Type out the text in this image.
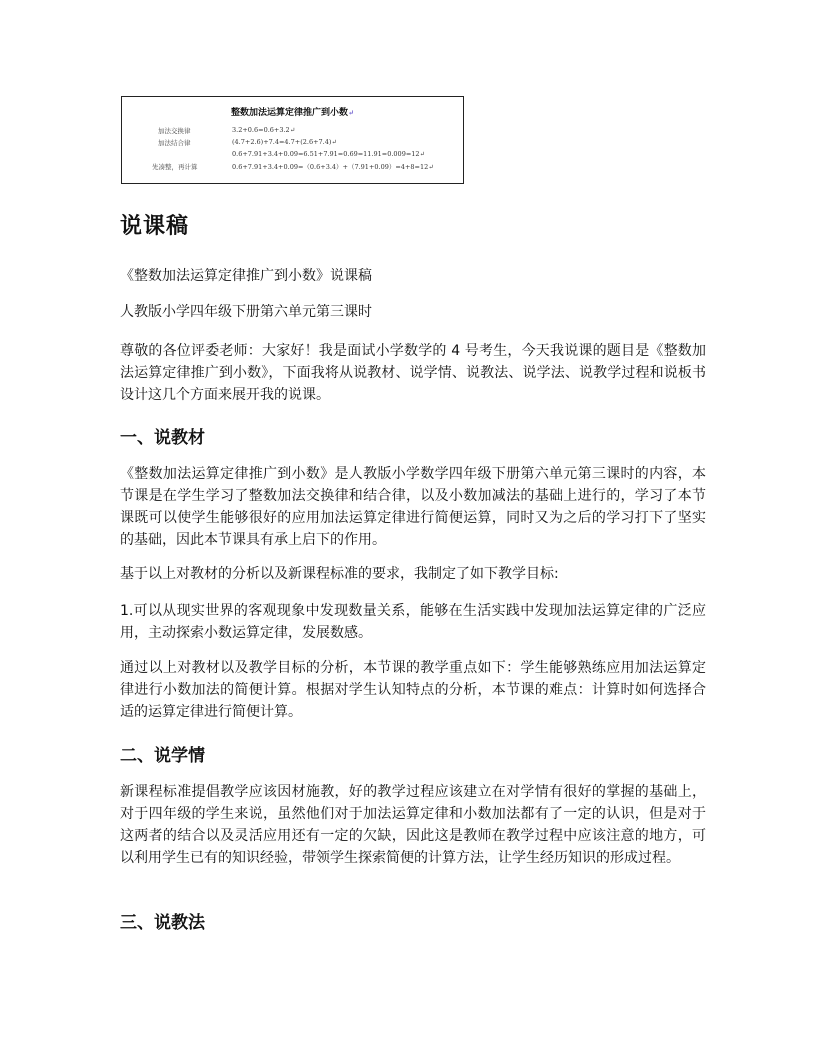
整数加法运算定律推广到小数↵
加法交换律	3.2+0.6=0.6+3.2↵
加法结合律	(4.7+2.6)+7.4=4.7+(2.6+7.4)↵
0.6+7.91+3.4+0.09=6.51+7.91=0.69=11.91=0.009=12↵
先凑整，再计算	0.6+7.91+3.4+0.09=（0.6+3.4）+（7.91+0.09）=4+8=12↵
说课稿

《整数加法运算定律推广到小数》说课稿

人教版小学四年级下册第六单元第三课时

尊敬的各位评委老师：大家好！我是面试小学数学的 4 号考生，今天我说课的题目是《整数加法运算定律推广到小数》，下面我将从说教材、说学情、说教法、说学法、说教学过程和说板书设计这几个方面来展开我的说课。

一、说教材

《整数加法运算定律推广到小数》是人教版小学数学四年级下册第六单元第三课时的内容，本节课是在学生学习了整数加法交换律和结合律，以及小数加减法的基础上进行的，学习了本节课既可以使学生能够很好的应用加法运算定律进行简便运算，同时又为之后的学习打下了坚实的基础，因此本节课具有承上启下的作用。

基于以上对教材的分析以及新课程标准的要求，我制定了如下教学目标:

1.可以从现实世界的客观现象中发现数量关系，能够在生活实践中发现加法运算定律的广泛应用，主动探索小数运算定律，发展数感。

通过以上对教材以及教学目标的分析，本节课的教学重点如下：学生能够熟练应用加法运算定律进行小数加法的简便计算。根据对学生认知特点的分析，本节课的难点：计算时如何选择合适的运算定律进行简便计算。

二、说学情

新课程标准提倡教学应该因材施教，好的教学过程应该建立在对学情有很好的掌握的基础上，对于四年级的学生来说，虽然他们对于加法运算定律和小数加法都有了一定的认识，但是对于这两者的结合以及灵活应用还有一定的欠缺，因此这是教师在教学过程中应该注意的地方，可以利用学生已有的知识经验，带领学生探索简便的计算方法，让学生经历知识的形成过程。

三、说教法
